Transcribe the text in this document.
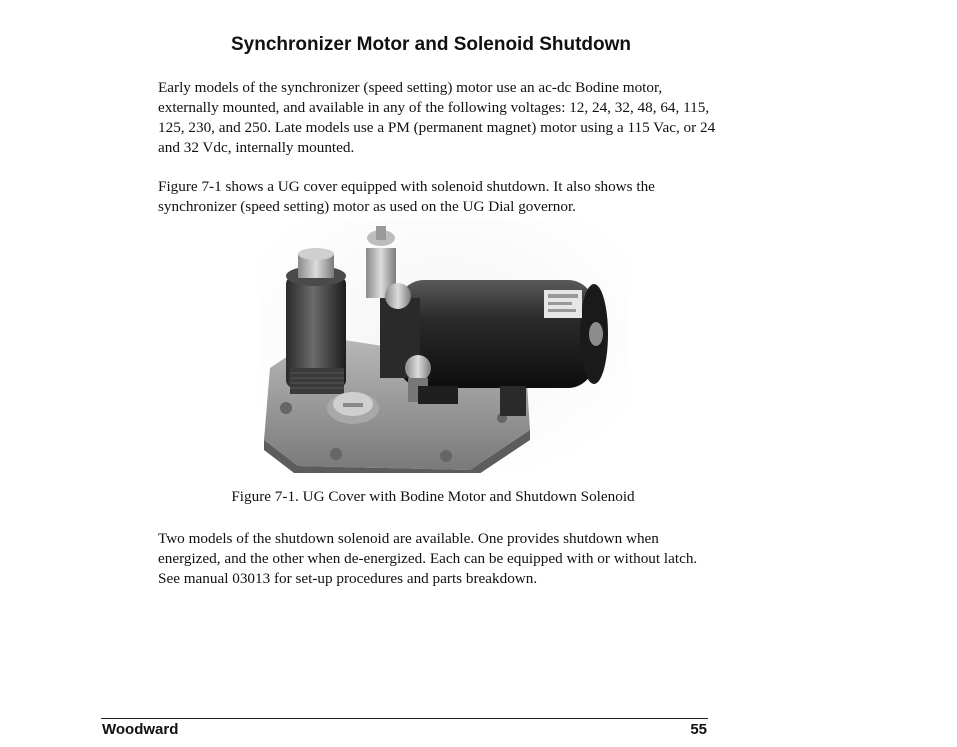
Synchronizer Motor and Solenoid Shutdown

Early models of the synchronizer (speed setting) motor use an ac-dc Bodine motor, externally mounted, and available in any of the following voltages: 12, 24, 32, 48, 64, 115, 125, 230, and 250. Late models use a PM (permanent magnet) motor using a 115 Vac, or 24 and 32 Vdc, internally mounted.

Figure 7-1 shows a UG cover equipped with solenoid shutdown. It also shows the synchronizer (speed setting) motor as used on the UG Dial governor.

Figure 7-1. UG Cover with Bodine Motor and Shutdown Solenoid

Two models of the shutdown solenoid are available. One provides shutdown when energized, and the other when de-energized. Each can be equipped with or without latch. See manual 03013 for set-up procedures and parts breakdown.

Woodward	55
